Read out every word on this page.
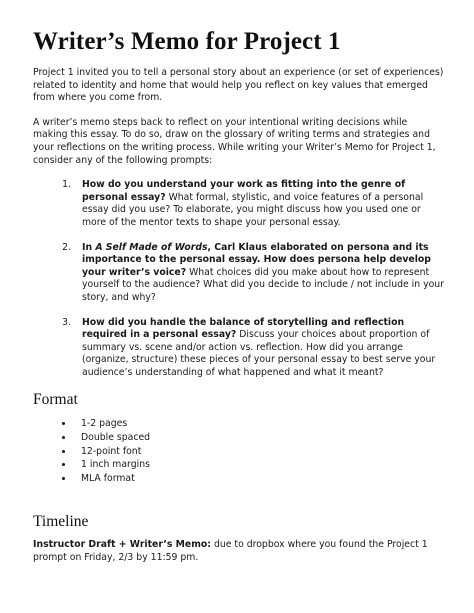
Writer’s Memo for Project 1

Project 1 invited you to tell a personal story about an experience (or set of experiences) related to identity and home that would help you reflect on key values that emerged from where you come from.

A writer’s memo steps back to reflect on your intentional writing decisions while making this essay. To do so, draw on the glossary of writing terms and strategies and your reflections on the writing process. While writing your Writer’s Memo for Project 1, consider any of the following prompts:

1. How do you understand your work as fitting into the genre of personal essay? What formal, stylistic, and voice features of a personal essay did you use? To elaborate, you might discuss how you used one or more of the mentor texts to shape your personal essay.
2. In A Self Made of Words, Carl Klaus elaborated on persona and its importance to the personal essay. How does persona help develop your writer’s voice? What choices did you make about how to represent yourself to the audience? What did you decide to include / not include in your story, and why?
3. How did you handle the balance of storytelling and reflection required in a personal essay? Discuss your choices about proportion of summary vs. scene and/or action vs. reflection. How did you arrange (organize, structure) these pieces of your personal essay to best serve your audience’s understanding of what happened and what it meant?
Format
• 1-2 pages
• Double spaced
• 12-point font
• 1 inch margins
• MLA format
Timeline

Instructor Draft + Writer’s Memo: due to dropbox where you found the Project 1 prompt on Friday, 2/3 by 11:59 pm.
